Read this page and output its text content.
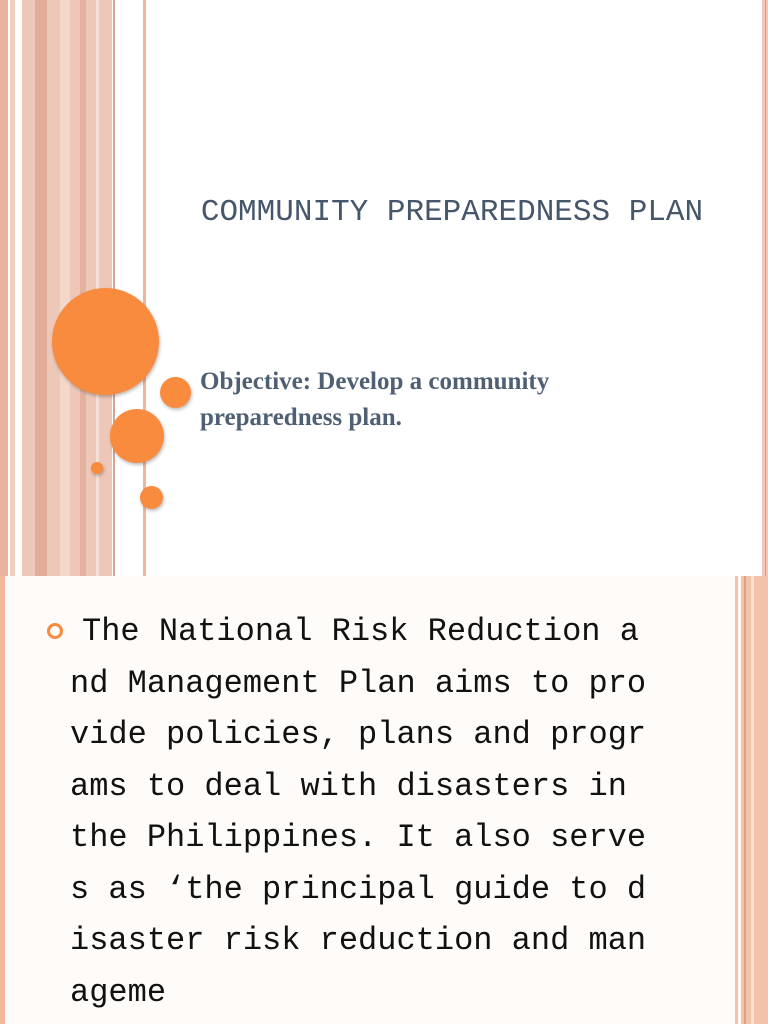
COMMUNITY PREPAREDNESS PLAN
Objective: Develop a community preparedness plan.
The National Risk Reduction and Management Plan aims to provide policies, plans and programs to deal with disasters in the Philippines. It also serves as ‘the principal guide to disaster risk reduction and manageme
